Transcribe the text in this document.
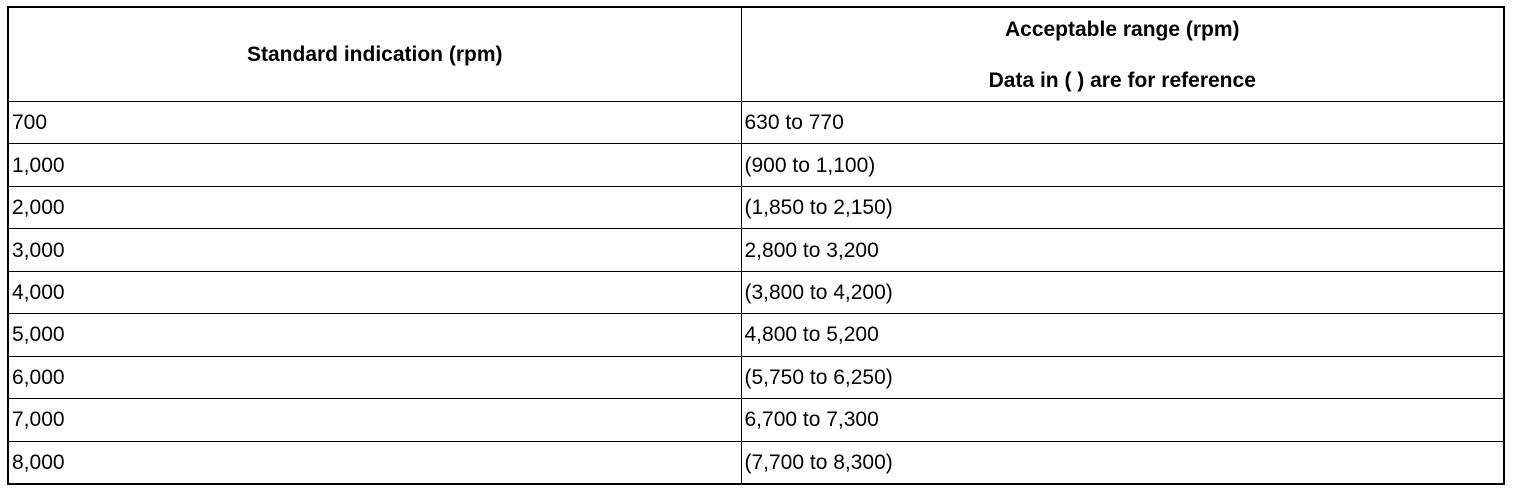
Standard indication (rpm)	Acceptable range (rpm)
Data in ( ) are for reference

700	630 to 770
1,000	(900 to 1,100)
2,000	(1,850 to 2,150)
3,000	2,800 to 3,200
4,000	(3,800 to 4,200)
5,000	4,800 to 5,200
6,000	(5,750 to 6,250)
7,000	6,700 to 7,300
8,000	(7,700 to 8,300)
